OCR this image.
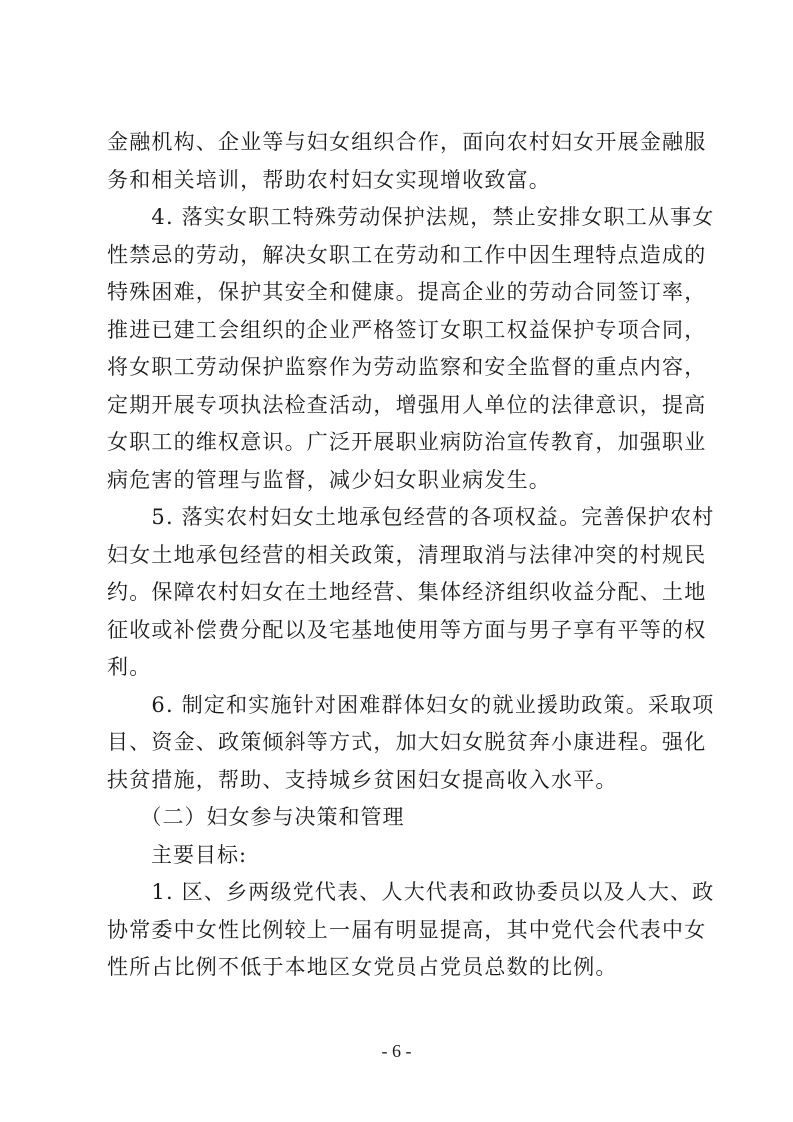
金融机构、企业等与妇女组织合作，面向农村妇女开展金融服
务和相关培训，帮助农村妇女实现增收致富。
　　4. 落实女职工特殊劳动保护法规，禁止安排女职工从事女
性禁忌的劳动，解决女职工在劳动和工作中因生理特点造成的
特殊困难，保护其安全和健康。提高企业的劳动合同签订率，
推进已建工会组织的企业严格签订女职工权益保护专项合同，
将女职工劳动保护监察作为劳动监察和安全监督的重点内容，
定期开展专项执法检查活动，增强用人单位的法律意识，提高
女职工的维权意识。广泛开展职业病防治宣传教育，加强职业
病危害的管理与监督，减少妇女职业病发生。
　　5. 落实农村妇女土地承包经营的各项权益。完善保护农村
妇女土地承包经营的相关政策，清理取消与法律冲突的村规民
约。保障农村妇女在土地经营、集体经济组织收益分配、土地
征收或补偿费分配以及宅基地使用等方面与男子享有平等的权
利。
　　6. 制定和实施针对困难群体妇女的就业援助政策。采取项
目、资金、政策倾斜等方式，加大妇女脱贫奔小康进程。强化
扶贫措施，帮助、支持城乡贫困妇女提高收入水平。
　　（二）妇女参与决策和管理
　　主要目标:
　　1. 区、乡两级党代表、人大代表和政协委员以及人大、政
协常委中女性比例较上一届有明显提高，其中党代会代表中女
性所占比例不低于本地区女党员占党员总数的比例。
- 6 -
